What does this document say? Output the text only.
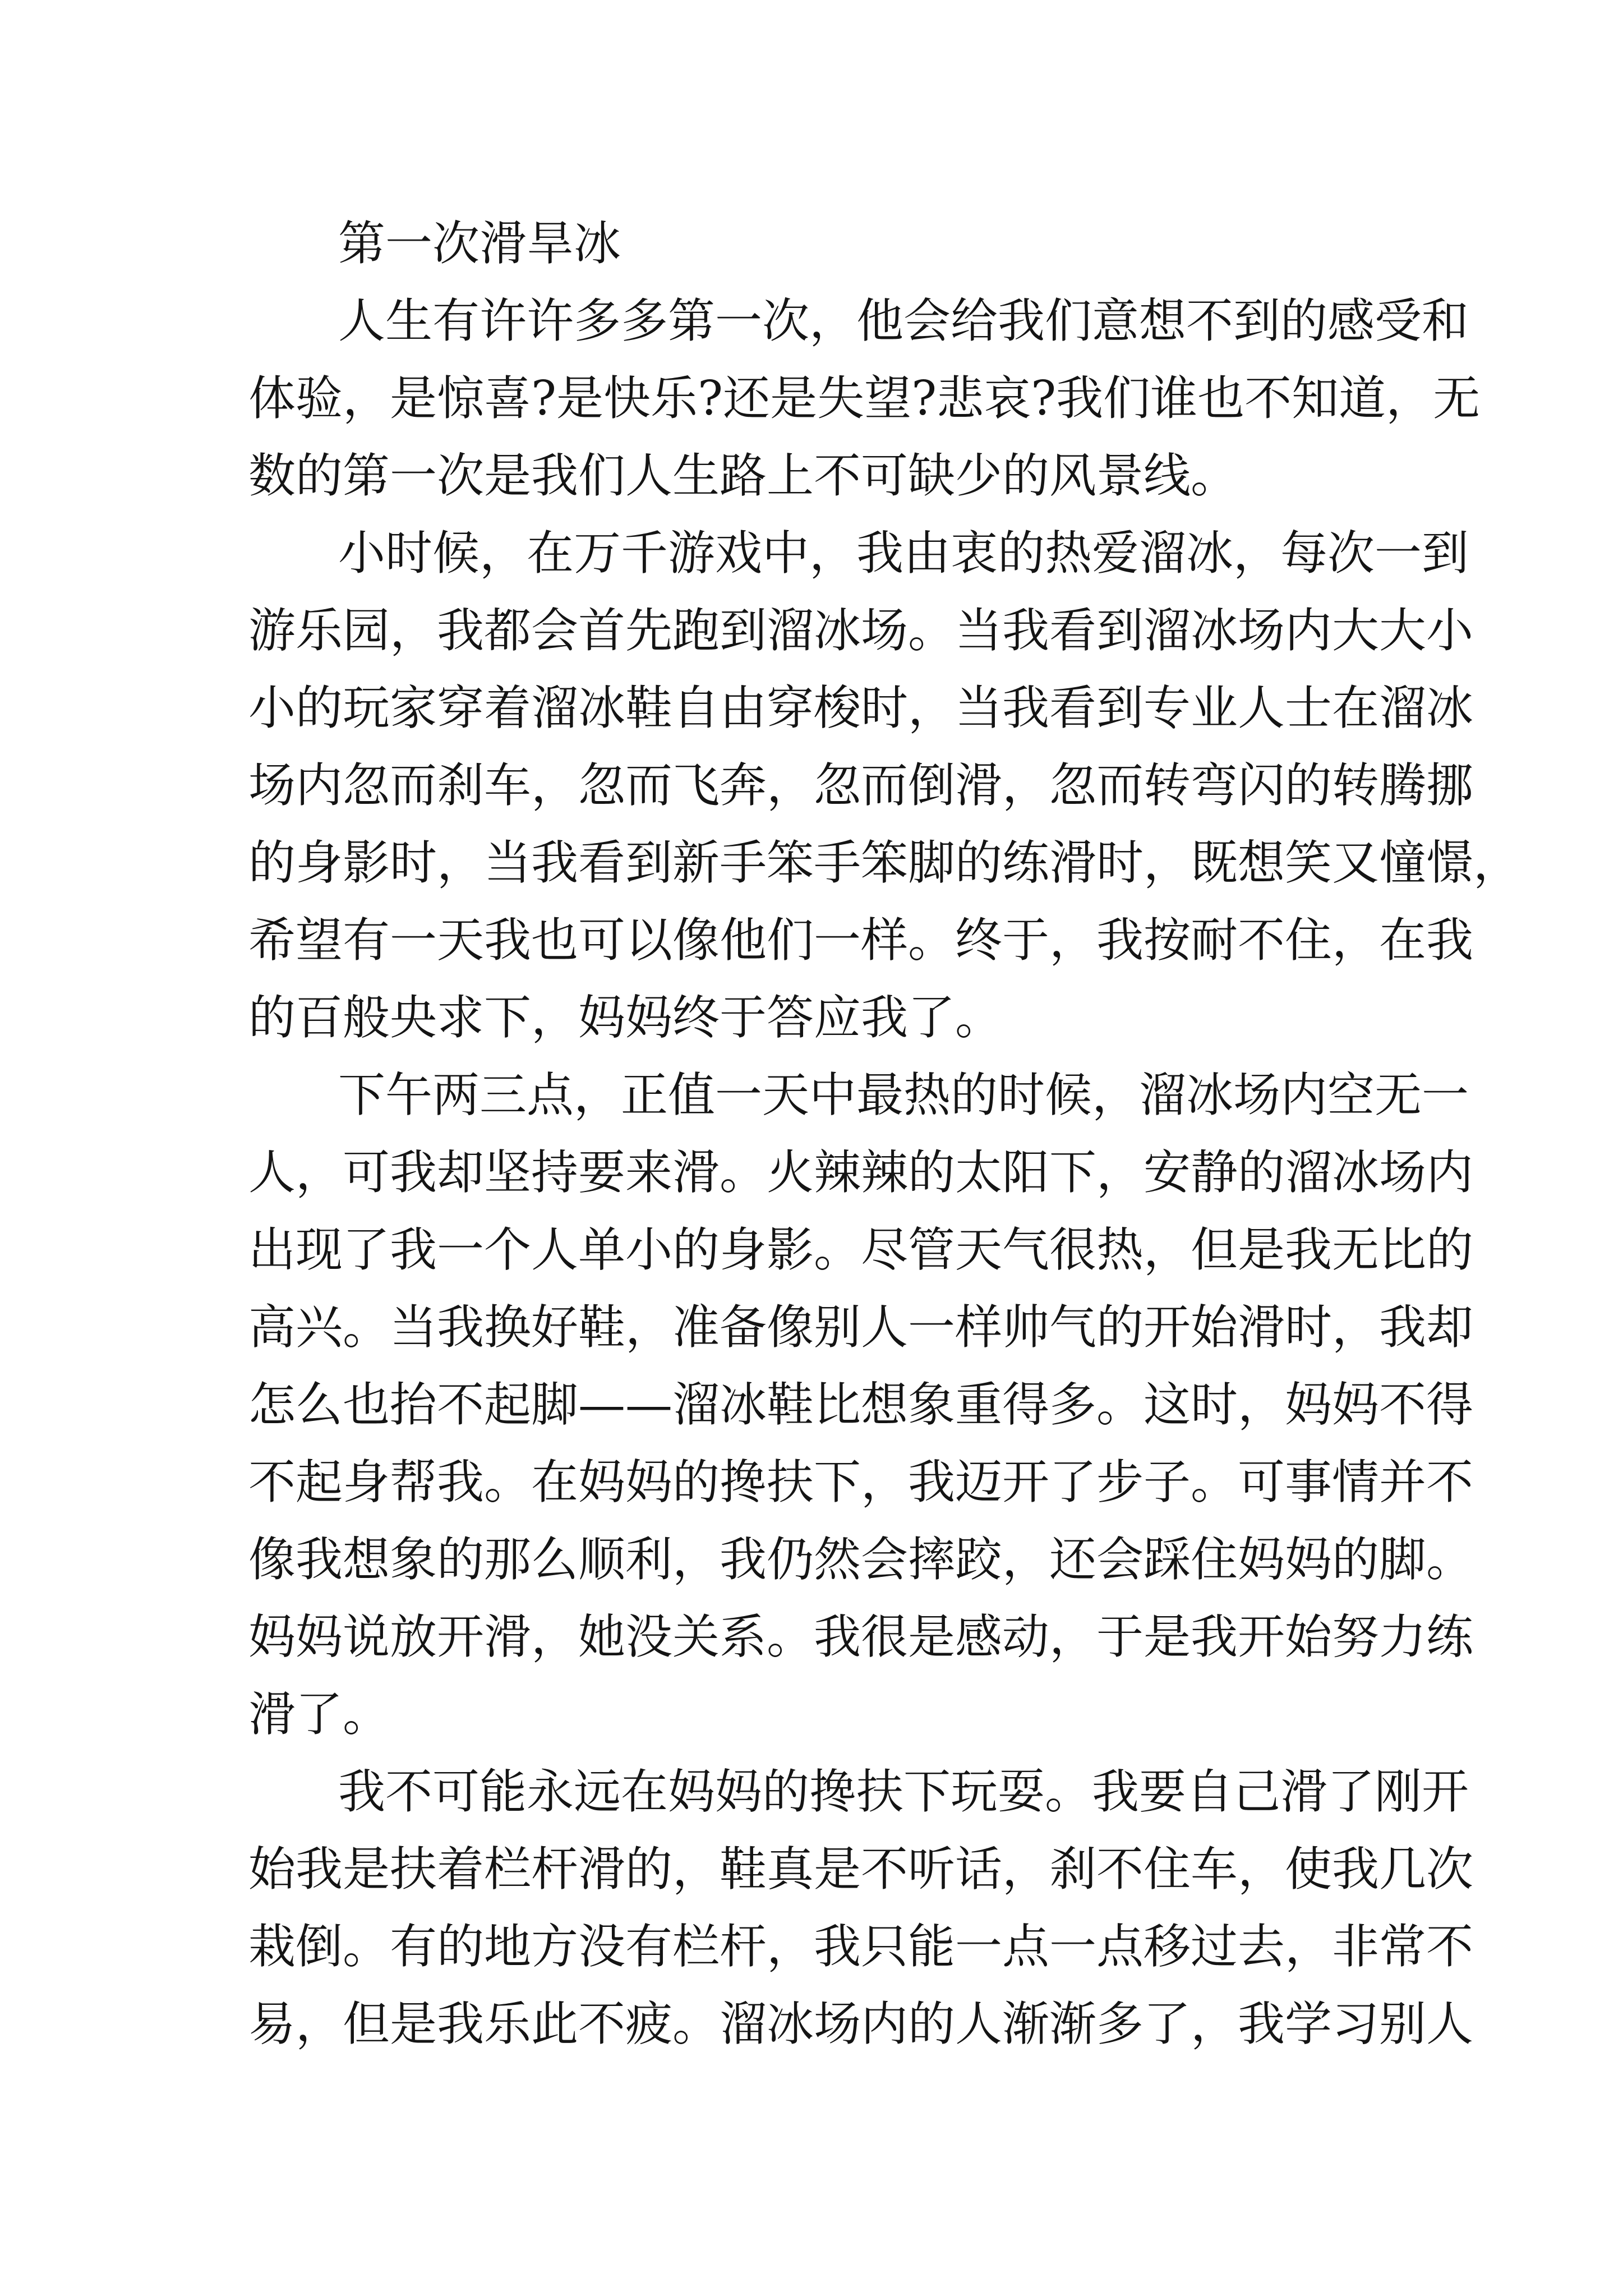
第一次滑旱冰
人生有许许多多第一次，他会给我们意想不到的感受和
体验，是惊喜?是快乐?还是失望?悲哀?我们谁也不知道，无
数的第一次是我们人生路上不可缺少的风景线。
小时候，在万千游戏中，我由衷的热爱溜冰，每次一到
游乐园，我都会首先跑到溜冰场。当我看到溜冰场内大大小
小的玩家穿着溜冰鞋自由穿梭时，当我看到专业人士在溜冰
场内忽而刹车，忽而飞奔，忽而倒滑，忽而转弯闪的转腾挪
的身影时，当我看到新手笨手笨脚的练滑时，既想笑又憧憬，
希望有一天我也可以像他们一样。终于，我按耐不住，在我
的百般央求下，妈妈终于答应我了。
下午两三点，正值一天中最热的时候，溜冰场内空无一
人，可我却坚持要来滑。火辣辣的太阳下，安静的溜冰场内
出现了我一个人单小的身影。尽管天气很热，但是我无比的
高兴。当我换好鞋，准备像别人一样帅气的开始滑时，我却
怎么也抬不起脚——溜冰鞋比想象重得多。这时，妈妈不得
不起身帮我。在妈妈的搀扶下，我迈开了步子。可事情并不
像我想象的那么顺利，我仍然会摔跤，还会踩住妈妈的脚。
妈妈说放开滑，她没关系。我很是感动，于是我开始努力练
滑了。
我不可能永远在妈妈的搀扶下玩耍。我要自己滑了刚开
始我是扶着栏杆滑的，鞋真是不听话，刹不住车，使我几次
栽倒。有的地方没有栏杆，我只能一点一点移过去，非常不
易，但是我乐此不疲。溜冰场内的人渐渐多了，我学习别人
